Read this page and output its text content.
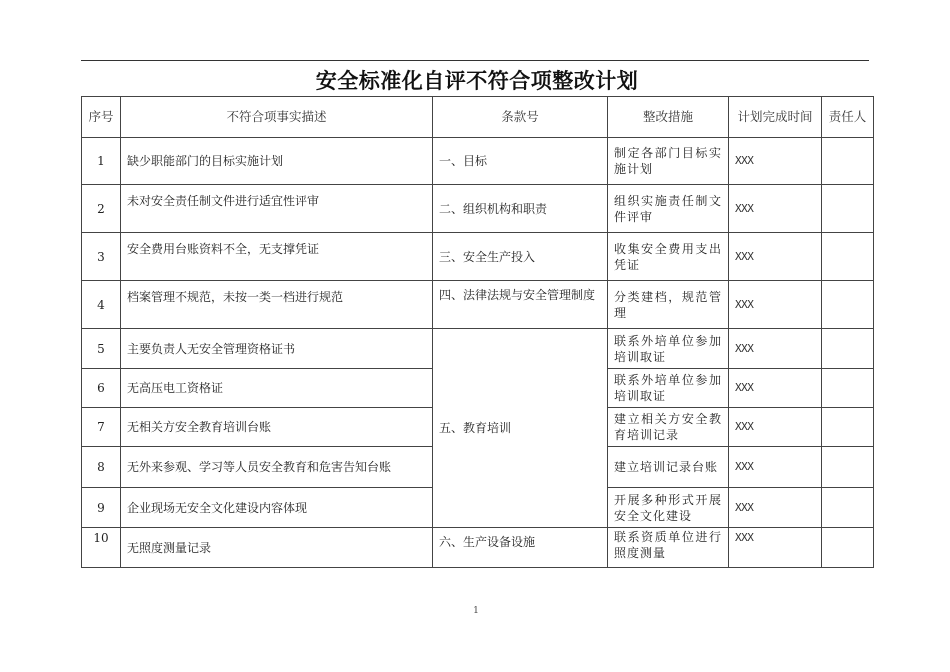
安全标准化自评不符合项整改计划
序号	不符合项事实描述	条款号	整改措施	计划完成时间	责任人
1	缺少职能部门的目标实施计划	一、目标	制定各部门目标实施计划	XXX	
2	未对安全责任制文件进行适宜性评审	二、组织机构和职责	组织实施责任制文件评审	XXX	
3	安全费用台账资料不全，无支撑凭证	三、安全生产投入	收集安全费用支出凭证	XXX	
4	档案管理不规范，未按一类一档进行规范	四、法律法规与安全管理制度	分类建档，规范管理	XXX	
5	主要负责人无安全管理资格证书	五、教育培训	联系外培单位参加培训取证	XXX	
6	无高压电工资格证		联系外培单位参加培训取证	XXX	
7	无相关方安全教育培训台账		建立相关方安全教育培训记录	XXX	
8	无外来参观、学习等人员安全教育和危害告知台账		建立培训记录台账	XXX	
9	企业现场无安全文化建设内容体现		开展多种形式开展安全文化建设	XXX	
10	无照度测量记录	六、生产设备设施	联系资质单位进行照度测量	XXX	
1
